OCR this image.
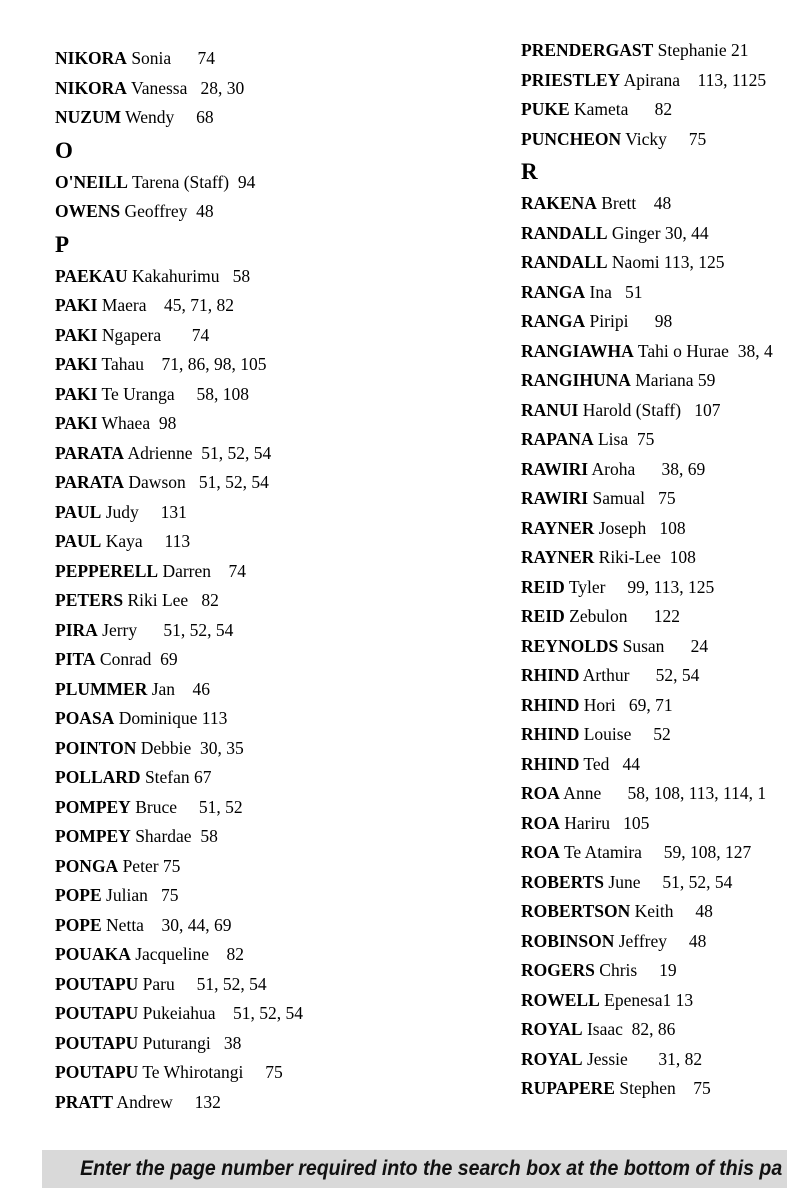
NIKORA Sonia      74
NIKORA Vanessa   28, 30
NUZUM Wendy     68
O
O'NEILL Tarena (Staff)  94
OWENS Geoffrey  48
P
PAEKAU Kakahurimu   58
PAKI Maera    45, 71, 82
PAKI Ngapera       74
PAKI Tahau    71, 86, 98, 105
PAKI Te Uranga     58, 108
PAKI Whaea  98
PARATA Adrienne  51, 52, 54
PARATA Dawson   51, 52, 54
PAUL Judy     131
PAUL Kaya     113
PEPPERELL Darren    74
PETERS Riki Lee   82
PIRA Jerry      51, 52, 54
PITA Conrad  69
PLUMMER Jan    46
POASA Dominique 113
POINTON Debbie  30, 35
POLLARD Stefan 67
POMPEY Bruce     51, 52
POMPEY Shardae  58
PONGA Peter 75
POPE Julian   75
POPE Netta    30, 44, 69
POUAKA Jacqueline    82
POUTAPU Paru     51, 52, 54
POUTAPU Pukeiahua    51, 52, 54
POUTAPU Puturangi   38
POUTAPU Te Whirotangi     75
PRATT Andrew     132
PRENDERGAST Stephanie 21
PRIESTLEY Apirana    113, 1125
PUKE Kameta      82
PUNCHEON Vicky     75
R
RAKENA Brett    48
RANDALL Ginger 30, 44
RANDALL Naomi 113, 125
RANGA Ina   51
RANGA Piripi      98
RANGIAWHA Tahi o Hurae  38, 4
RANGIHUNA Mariana 59
RANUI Harold (Staff)   107
RAPANA Lisa  75
RAWIRI Aroha      38, 69
RAWIRI Samual   75
RAYNER Joseph   108
RAYNER Riki-Lee  108
REID Tyler     99, 113, 125
REID Zebulon      122
REYNOLDS Susan      24
RHIND Arthur      52, 54
RHIND Hori   69, 71
RHIND Louise     52
RHIND Ted   44
ROA Anne      58, 108, 113, 114, 1
ROA Hariru   105
ROA Te Atamira     59, 108, 127
ROBERTS June     51, 52, 54
ROBERTSON Keith     48
ROBINSON Jeffrey     48
ROGERS Chris     19
ROWELL Epenesa1 13
ROYAL Isaac  82, 86
ROYAL Jessie       31, 82
RUPAPERE Stephen    75
Enter the page number required into the search box at the bottom of this pa
